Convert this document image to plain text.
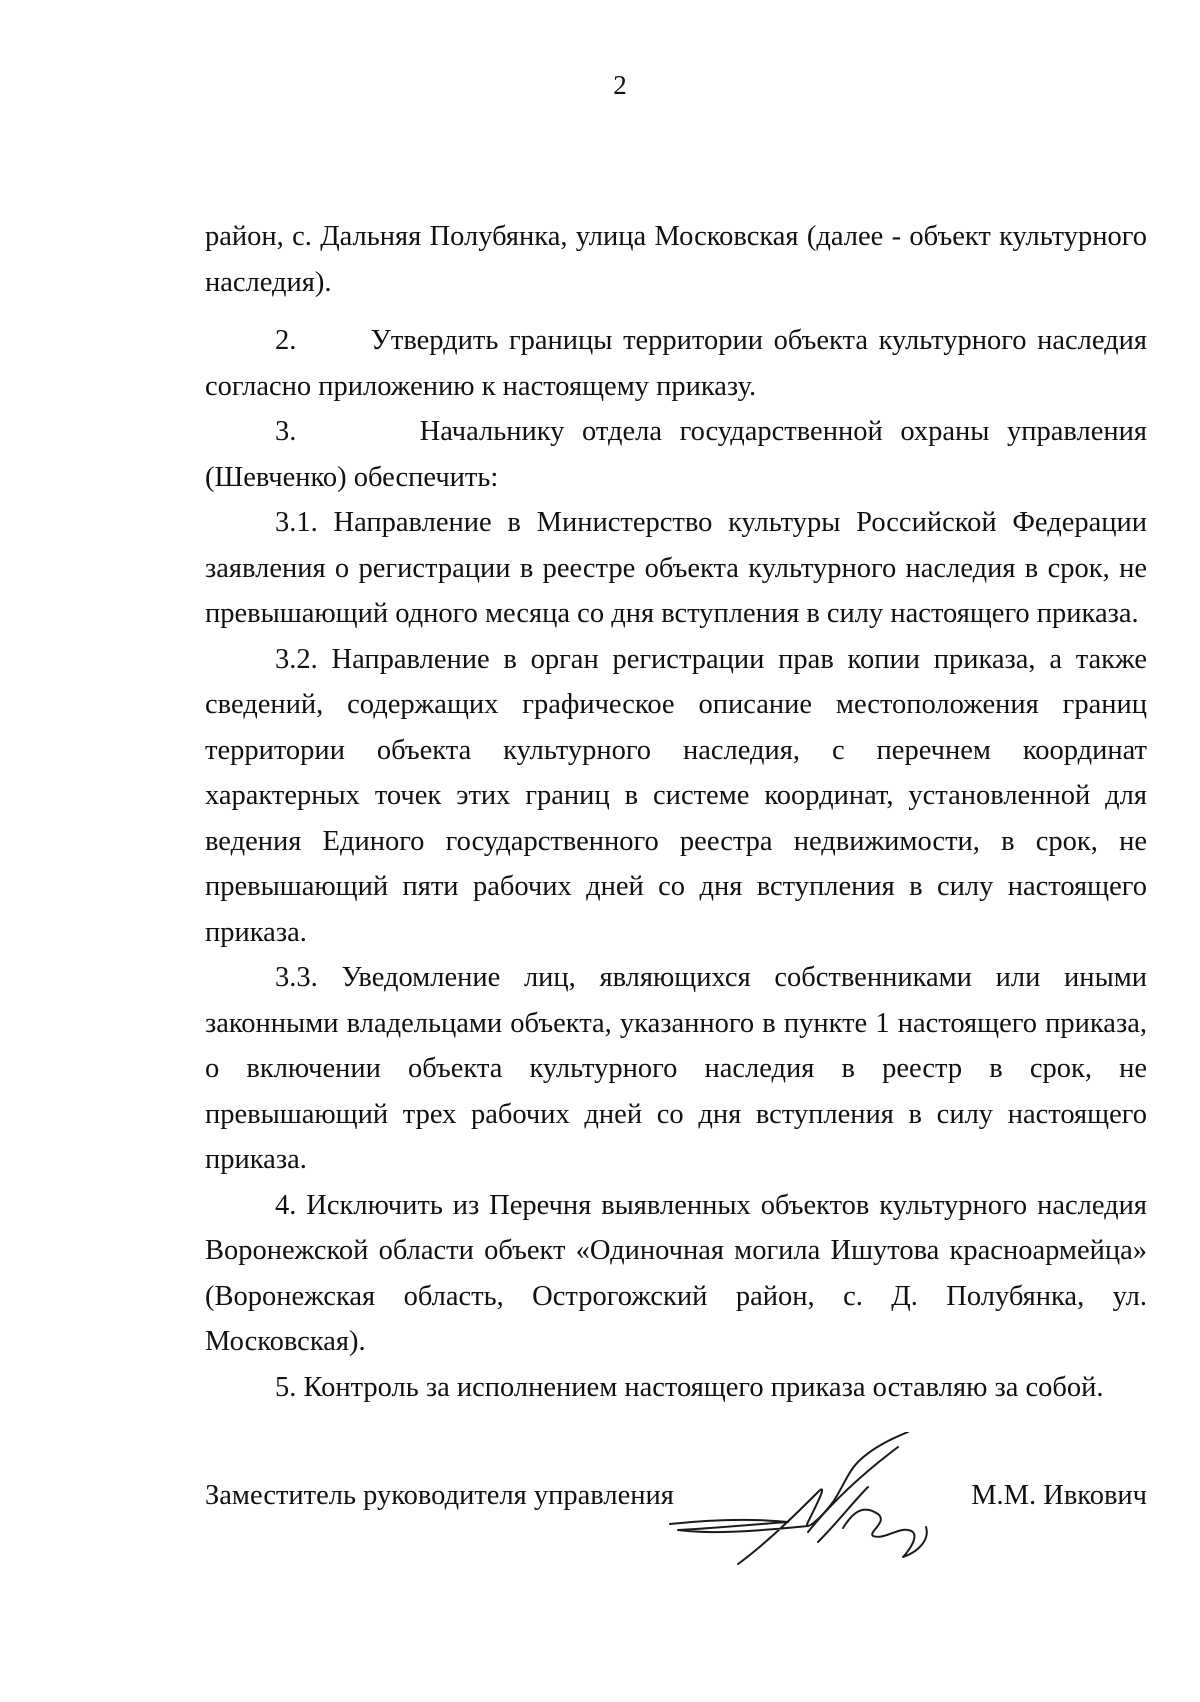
2

район, с. Дальняя Полубянка, улица Московская (далее - объект культурного наследия).

2.       Утвердить границы территории объекта культурного наследия согласно приложению к настоящему приказу.

3.       Начальнику отдела государственной охраны управления (Шевченко) обеспечить:

3.1. Направление в Министерство культуры Российской Федерации заявления о регистрации в реестре объекта культурного наследия в срок, не превышающий одного месяца со дня вступления в силу настоящего приказа.

3.2. Направление в орган регистрации прав копии приказа, а также сведений, содержащих графическое описание местоположения границ территории объекта культурного наследия, с перечнем координат характерных точек этих границ в системе координат, установленной для ведения Единого государственного реестра недвижимости, в срок, не превышающий пяти рабочих дней со дня вступления в силу настоящего приказа.

3.3. Уведомление лиц, являющихся собственниками или иными законными владельцами объекта, указанного в пункте 1 настоящего приказа, о включении объекта культурного наследия в реестр в срок, не превышающий трех рабочих дней со дня вступления в силу настоящего приказа.

4. Исключить из Перечня выявленных объектов культурного наследия Воронежской области объект «Одиночная могила Ишутова красноармейца» (Воронежская область, Острогожский район, с. Д. Полубянка, ул. Московская).

5. Контроль за исполнением настоящего приказа оставляю за собой.

Заместитель руководителя управления	М.М. Ивкович
